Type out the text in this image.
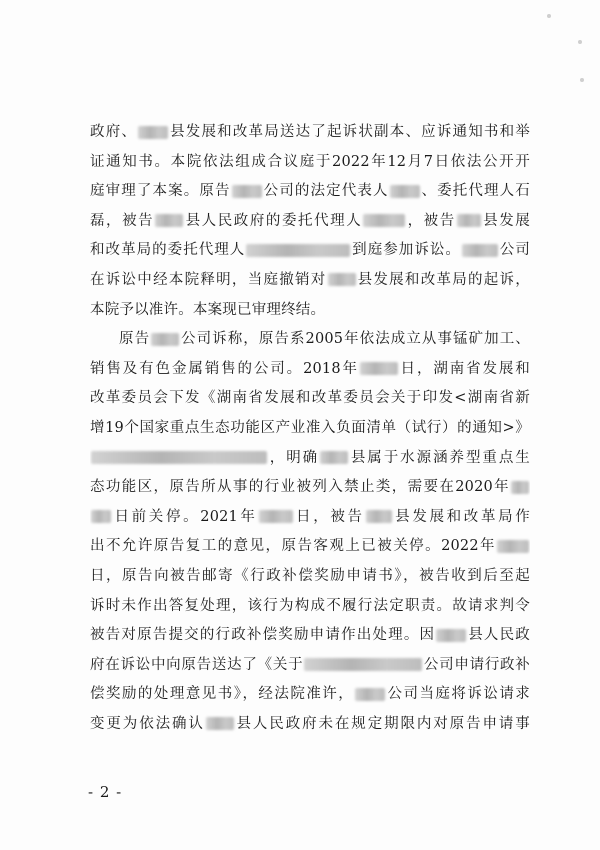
政府、 县发展和改革局送达了起诉状副本、应诉通知书和举
证通知书。本院依法组成合议庭于2022年12月7日依法公开开
庭审理了本案。原告 公司的法定代表人 、委托代理人石
磊，被告 县人民政府的委托代理人	，被告 县发展
和改革局的委托代理人	到庭参加诉讼。	公司
在诉讼中经本院释明，当庭撤销对 县发展和改革局的起诉，
本院予以准许。本案现已审理终结。
原告 公司诉称，原告系2005年依法成立从事锰矿加工、
销售及有色金属销售的公司。2018年	日，湖南省发展和
改革委员会下发《湖南省发展和改革委员会关于印发<湖南省新
增19个国家重点生态功能区产业准入负面清单（试行）的通知>》
，明确 县属于水源涵养型重点生
态功能区，原告所从事的行业被列入禁止类，需要在2020年
日前关停。2021年 日，被告 县发展和改革局作
出不允许原告复工的意见，原告客观上已被关停。2022年
日，原告向被告邮寄《行政补偿奖励申请书》，被告收到后至起
诉时未作出答复处理，该行为构成不履行法定职责。故请求判令
被告对原告提交的行政补偿奖励申请作出处理。因 县人民政
府在诉讼中向原告送达了《关于	公司申请行政补
偿奖励的处理意见书》，经法院准许， 公司当庭将诉讼请求
变更为依法确认 县人民政府未在规定期限内对原告申请事
- 2 -
